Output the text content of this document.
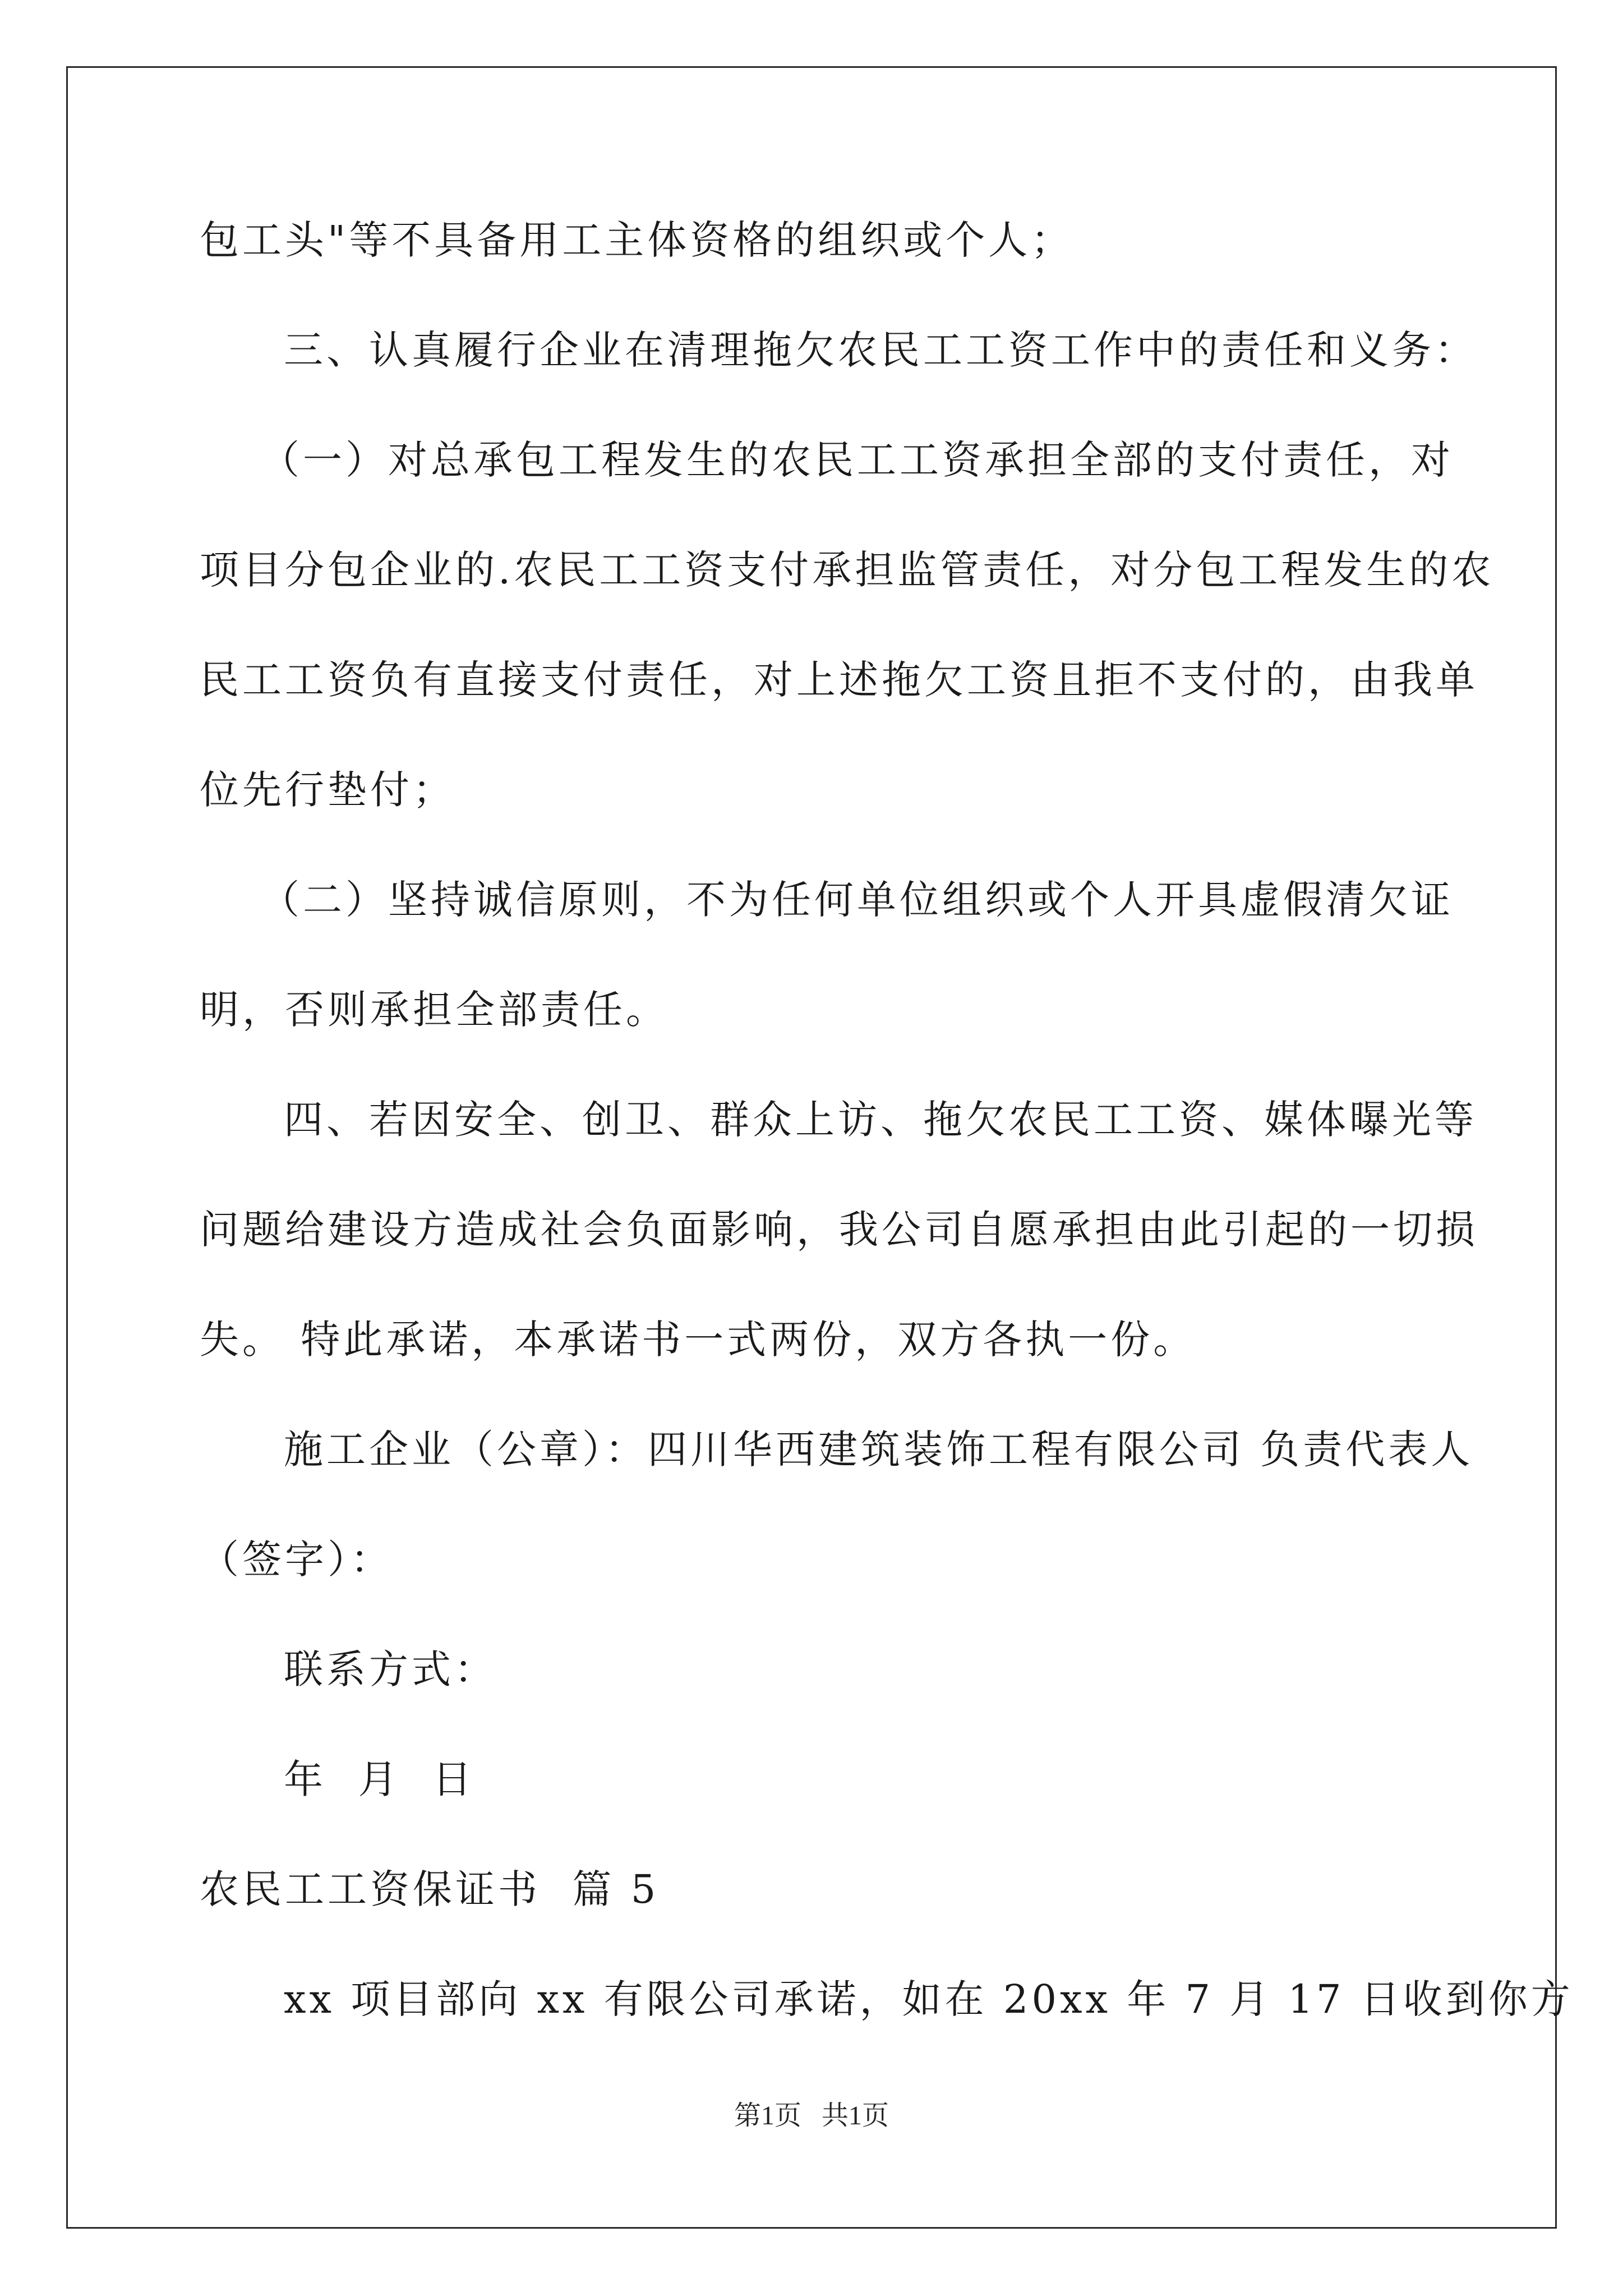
包工头"等不具备用工主体资格的组织或个人；
三、认真履行企业在清理拖欠农民工工资工作中的责任和义务：
（一）对总承包工程发生的农民工工资承担全部的支付责任，对
项目分包企业的.农民工工资支付承担监管责任，对分包工程发生的农
民工工资负有直接支付责任，对上述拖欠工资且拒不支付的，由我单
位先行垫付；
（二）坚持诚信原则，不为任何单位组织或个人开具虚假清欠证
明，否则承担全部责任。
四、若因安全、创卫、群众上访、拖欠农民工工资、媒体曝光等
问题给建设方造成社会负面影响，我公司自愿承担由此引起的一切损
失。 特此承诺，本承诺书一式两份，双方各执一份。
施工企业（公章）：四川华西建筑装饰工程有限公司 负责代表人
（签字）：
联系方式：
年  月  日
农民工工资保证书  篇 5
xx 项目部向 xx 有限公司承诺，如在 20xx 年 7 月 17 日收到你方
第1页   共1页
